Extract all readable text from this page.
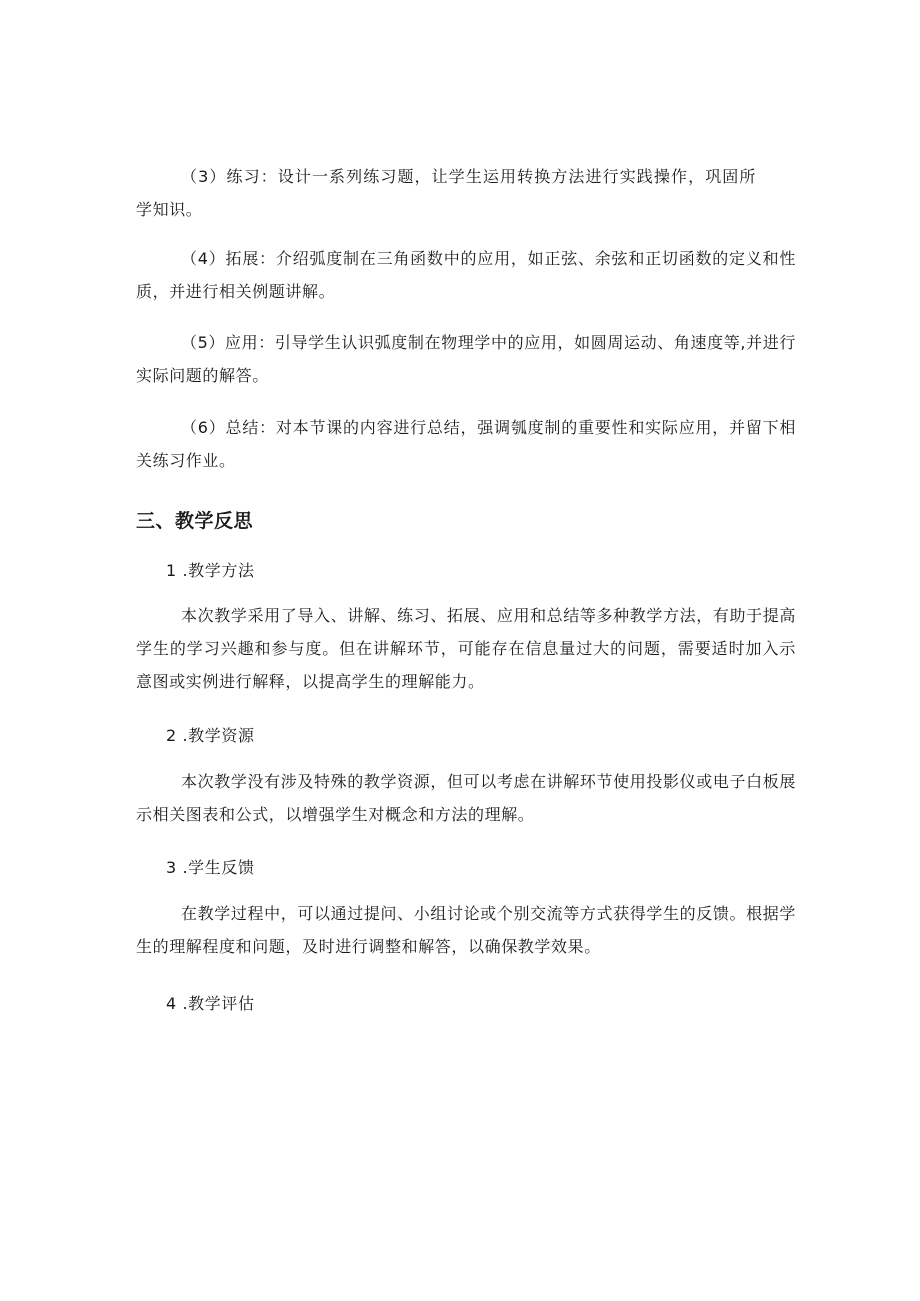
（3）练习：设计一系列练习题，让学生运用转换方法进行实践操作，巩固所学知识。

（4）拓展：介绍弧度制在三角函数中的应用，如正弦、余弦和正切函数的定义和性质，并进行相关例题讲解。

（5）应用：引导学生认识弧度制在物理学中的应用，如圆周运动、角速度等,并进行实际问题的解答。

（6）总结：对本节课的内容进行总结，强调瓠度制的重要性和实际应用，并留下相关练习作业。

三、教学反思
1 .教学方法

本次教学采用了导入、讲解、练习、拓展、应用和总结等多种教学方法，有助于提高学生的学习兴趣和参与度。但在讲解环节，可能存在信息量过大的问题，需要适时加入示意图或实例进行解释，以提高学生的理解能力。

2 .教学资源

本次教学没有涉及特殊的教学资源，但可以考虑在讲解环节使用投影仪或电子白板展示相关图表和公式，以增强学生对概念和方法的理解。

3 .学生反馈

在教学过程中，可以通过提问、小组讨论或个别交流等方式获得学生的反馈。根据学生的理解程度和问题，及时进行调整和解答，以确保教学效果。

4 .教学评估
